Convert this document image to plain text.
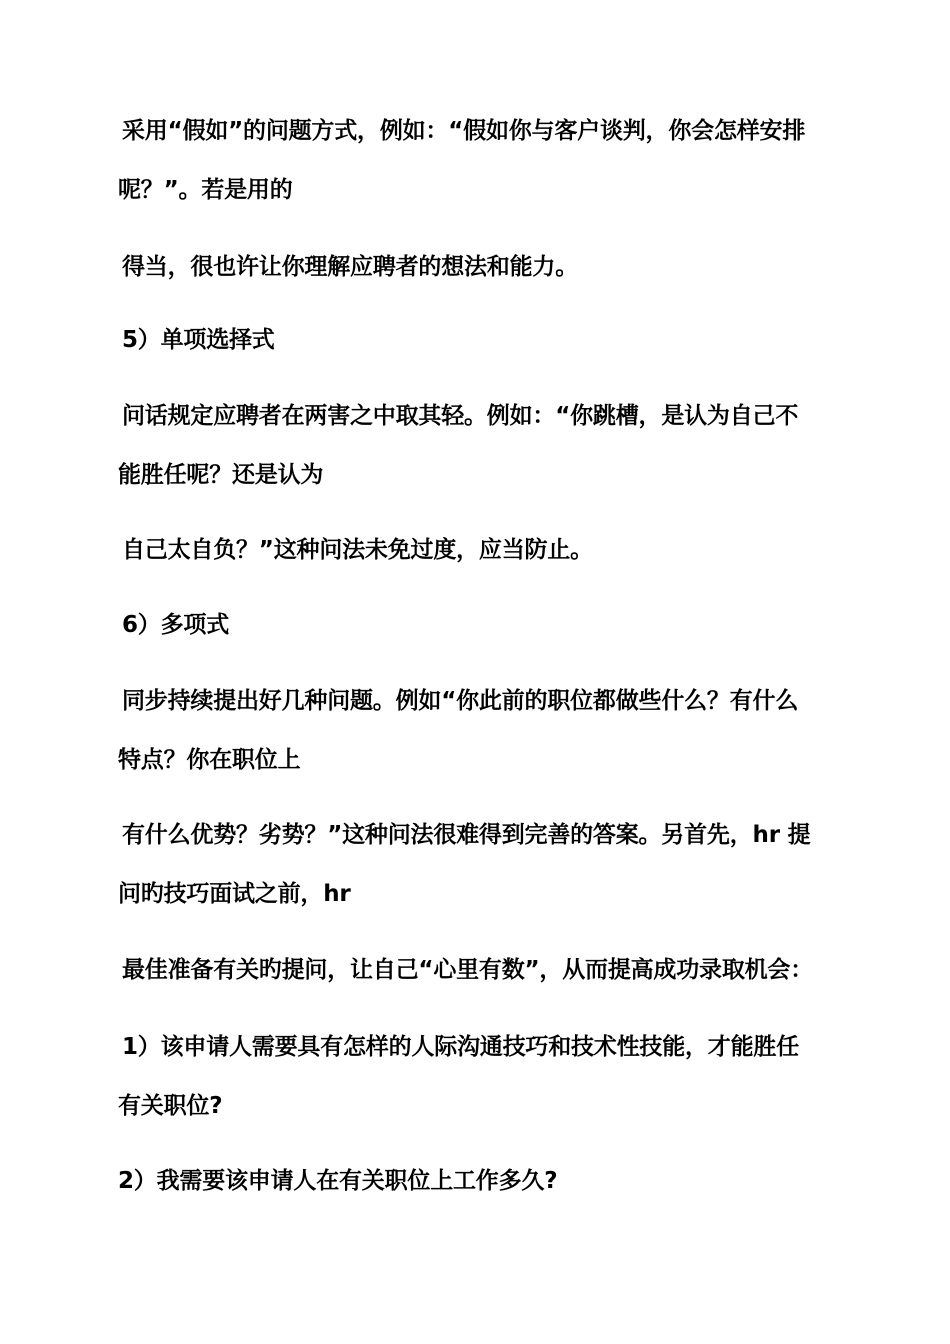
采用“假如”的问题方式，例如：“假如你与客户谈判，你会怎样安排
呢？”。若是用的
得当，很也许让你理解应聘者的想法和能力。
5）单项选择式
问话规定应聘者在两害之中取其轻。例如：“你跳槽，是认为自己不
能胜任呢？还是认为
自己太自负？”这种问法未免过度，应当防止。
6）多项式
同步持续提出好几种问题。例如“你此前的职位都做些什么？有什么
特点？你在职位上
有什么优势？劣势？”这种问法很难得到完善的答案。另首先，hr 提
问旳技巧面试之前，hr
最佳准备有关旳提问，让自己“心里有数”，从而提高成功录取机会：
1）该申请人需要具有怎样的人际沟通技巧和技术性技能，才能胜任
有关职位?
2）我需要该申请人在有关职位上工作多久?
